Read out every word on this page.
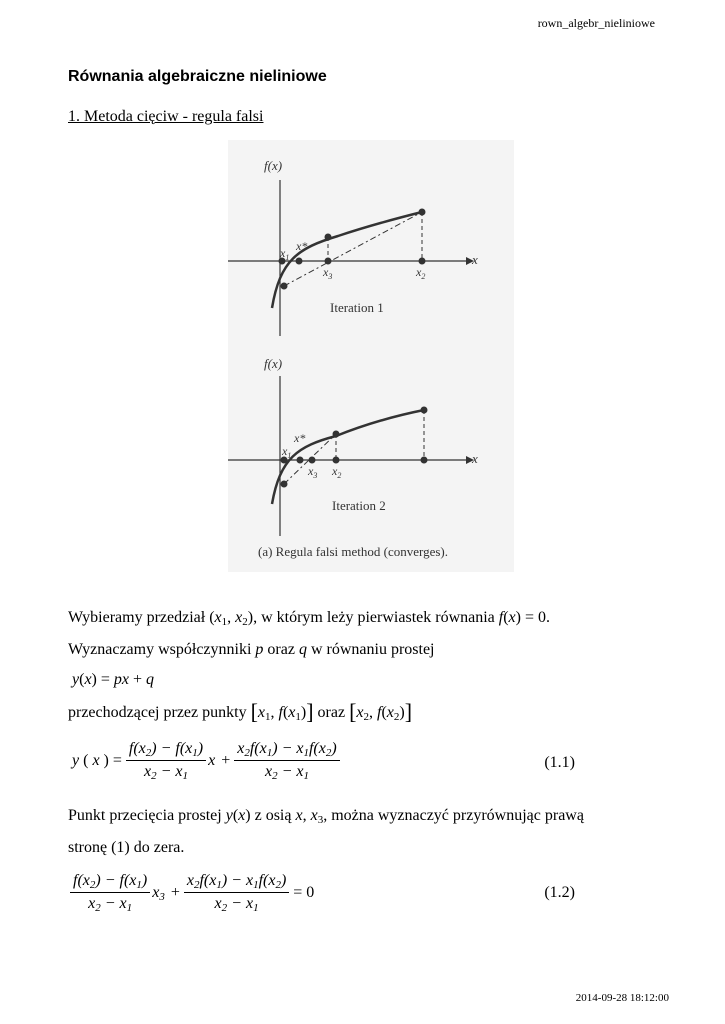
rown_algebr_nieliniowe
Równania algebraiczne nieliniowe
1. Metoda cięciw - regula falsi
f(x)
x
$x_1$
x*
$x_3$	$x_2$
Iteration 1
f(x)
x
$x_1$
x*
$x_3$ $x_2$
Iteration 2
(a) Regula falsi method (converges).
Wybieramy przedział ($x_1$, $x_2$), w którym leży pierwiastek równania f(x) = 0.
Wyznaczamy współczynniki p oraz q w równaniu prostej
y(x) = px + q
przechodzącej przez punkty [$x_1$, $f(x_1)$] oraz [$x_2$, $f(x_2)$]
y ( x ) = $\frac{f(x_2) - f(x_1)}{x_2 - x_1}$ $x + \frac{x_2f(x_1) - x_1f(x_2)}{x_2 - x_1}$	(1.1)
Punkt przecięcia prostej y(x) z osią x, $x_3$, można wyznaczyć przyrównując prawą
stronę (1) do zera.
$\frac{f(x_2) - f(x_1)}{x_2 - x_1} x_3 + \frac{x_2f(x_1) - x_1f(x_2)}{x_2 - x_1} = 0$	(1.2)
2014-09-28 18:12:00
